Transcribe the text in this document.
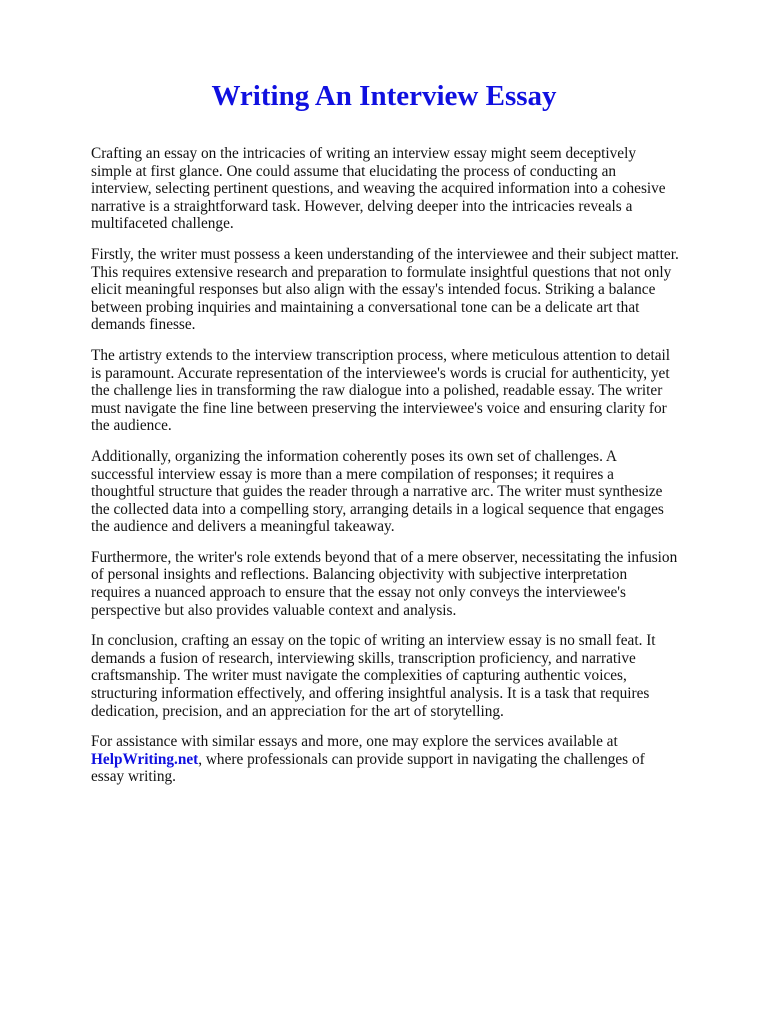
Writing An Interview Essay

Crafting an essay on the intricacies of writing an interview essay might seem deceptively simple at first glance. One could assume that elucidating the process of conducting an interview, selecting pertinent questions, and weaving the acquired information into a cohesive narrative is a straightforward task. However, delving deeper into the intricacies reveals a multifaceted challenge.

Firstly, the writer must possess a keen understanding of the interviewee and their subject matter. This requires extensive research and preparation to formulate insightful questions that not only elicit meaningful responses but also align with the essay's intended focus. Striking a balance between probing inquiries and maintaining a conversational tone can be a delicate art that demands finesse.

The artistry extends to the interview transcription process, where meticulous attention to detail is paramount. Accurate representation of the interviewee's words is crucial for authenticity, yet the challenge lies in transforming the raw dialogue into a polished, readable essay. The writer must navigate the fine line between preserving the interviewee's voice and ensuring clarity for the audience.

Additionally, organizing the information coherently poses its own set of challenges. A successful interview essay is more than a mere compilation of responses; it requires a thoughtful structure that guides the reader through a narrative arc. The writer must synthesize the collected data into a compelling story, arranging details in a logical sequence that engages the audience and delivers a meaningful takeaway.

Furthermore, the writer's role extends beyond that of a mere observer, necessitating the infusion of personal insights and reflections. Balancing objectivity with subjective interpretation requires a nuanced approach to ensure that the essay not only conveys the interviewee's perspective but also provides valuable context and analysis.

In conclusion, crafting an essay on the topic of writing an interview essay is no small feat. It demands a fusion of research, interviewing skills, transcription proficiency, and narrative craftsmanship. The writer must navigate the complexities of capturing authentic voices, structuring information effectively, and offering insightful analysis. It is a task that requires dedication, precision, and an appreciation for the art of storytelling.

For assistance with similar essays and more, one may explore the services available at HelpWriting.net, where professionals can provide support in navigating the challenges of essay writing.
